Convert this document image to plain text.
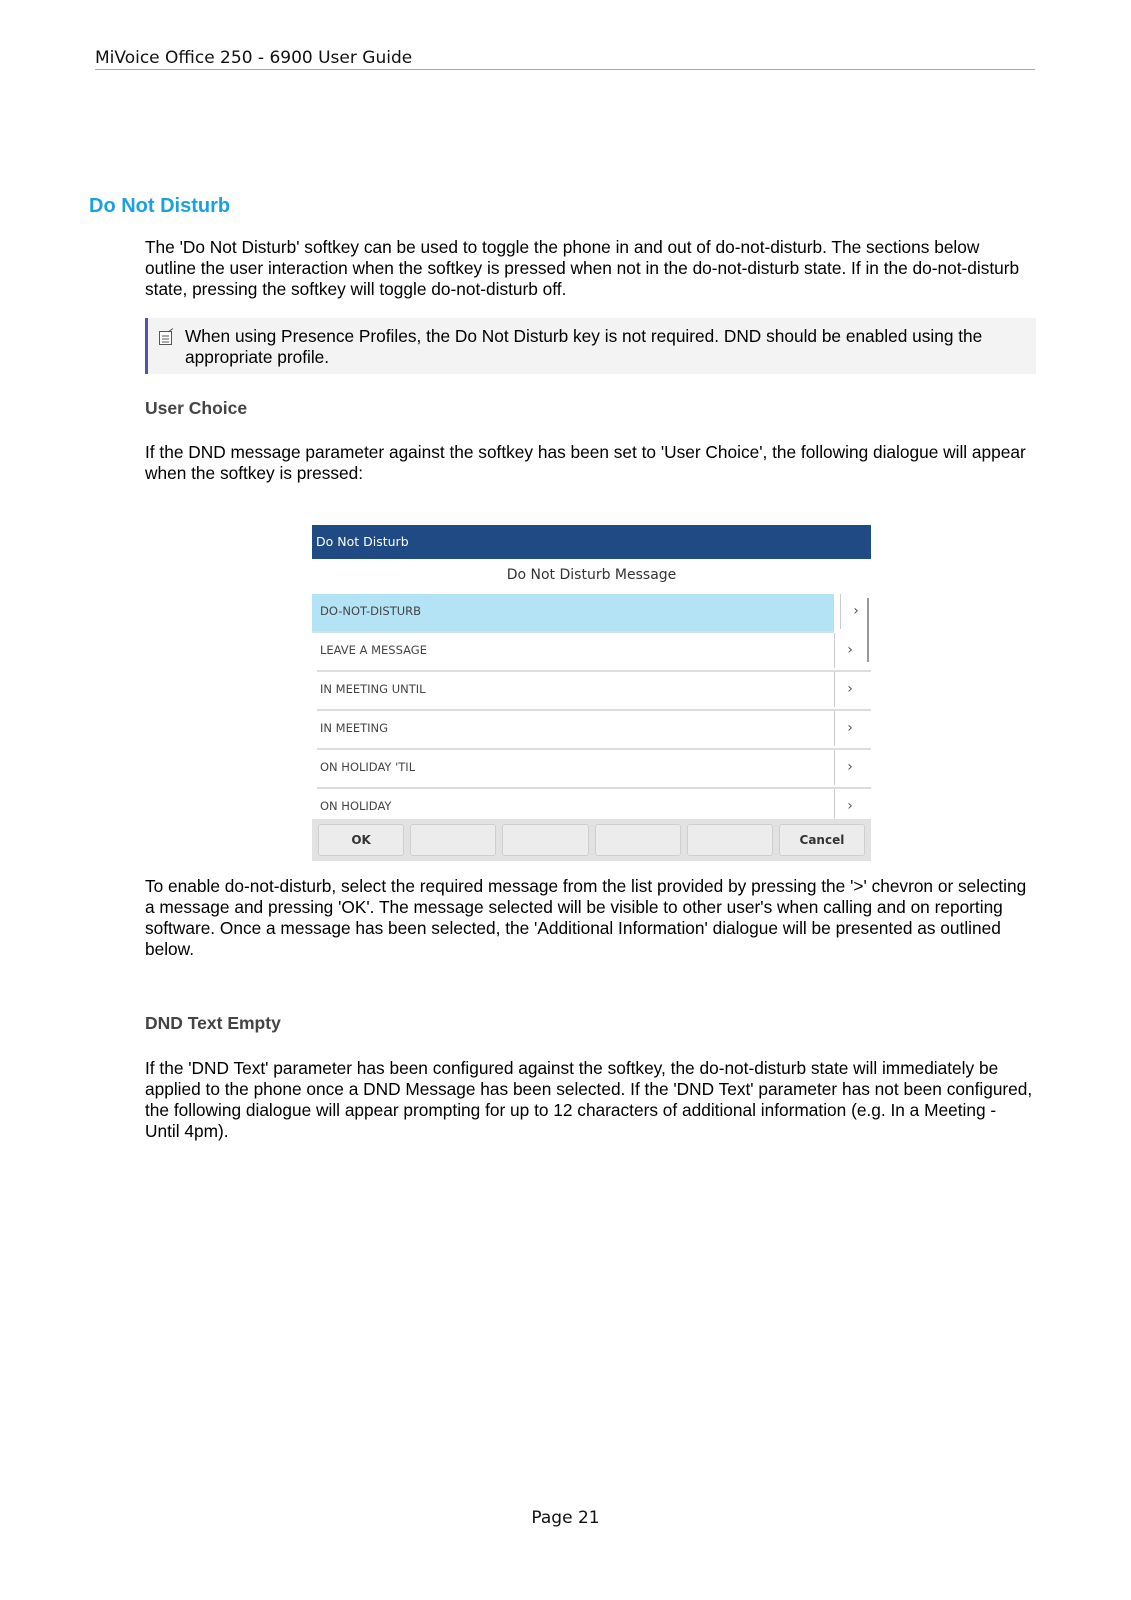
MiVoice Office 250 - 6900 User Guide
Do Not Disturb
The 'Do Not Disturb' softkey can be used to toggle the phone in and out of do-not-disturb. The sections below outline the user interaction when the softkey is pressed when not in the do-not-disturb state. If in the do-not-disturb state, pressing the softkey will toggle do-not-disturb off.
When using Presence Profiles, the Do Not Disturb key is not required. DND should be enabled using the appropriate profile.
User Choice
If the DND message parameter against the softkey has been set to 'User Choice', the following dialogue will appear when the softkey is pressed:
Do Not Disturb
Do Not Disturb Message
DO-NOT-DISTURB	›
LEAVE A MESSAGE	›
IN MEETING UNTIL	›
IN MEETING	›
ON HOLIDAY 'TIL	›
ON HOLIDAY	›
OK	Cancel
To enable do-not-disturb, select the required message from the list provided by pressing the '>' chevron or selecting a message and pressing 'OK'. The message selected will be visible to other user's when calling and on reporting software. Once a message has been selected, the 'Additional Information' dialogue will be presented as outlined below.
DND Text Empty
If the 'DND Text' parameter has been configured against the softkey, the do-not-disturb state will immediately be applied to the phone once a DND Message has been selected. If the 'DND Text' parameter has not been configured, the following dialogue will appear prompting for up to 12 characters of additional information (e.g. In a Meeting - Until 4pm).
Page 21
